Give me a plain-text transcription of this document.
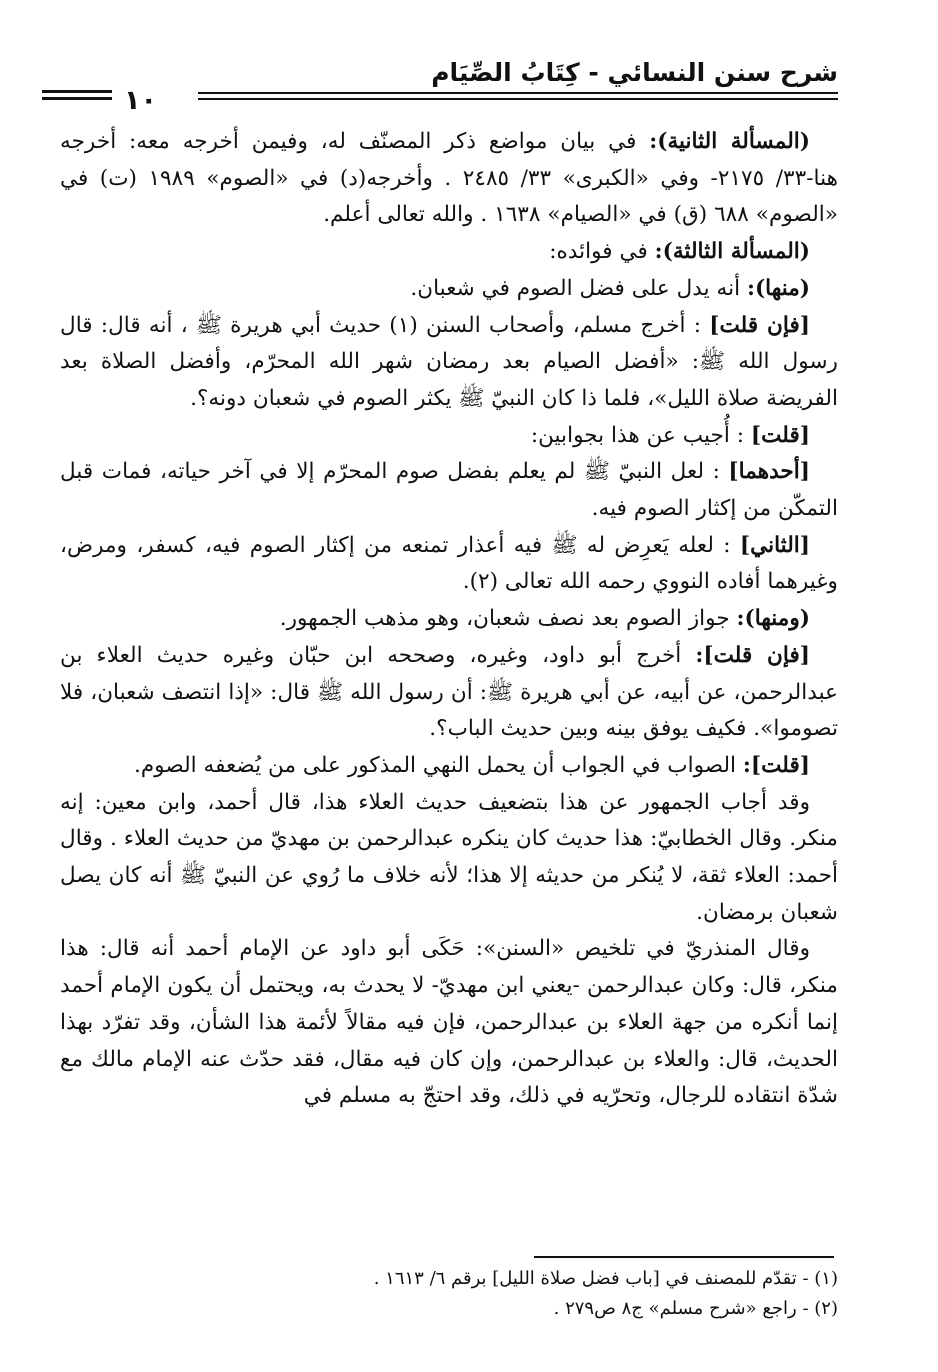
شرح سنن النسائي - كِتَابُ الصِّيَام
١٠

(المسألة الثانية): في بيان مواضع ذكر المصنّف له، وفيمن أخرجه معه: أخرجه هنا-٣٣/ ٢١٧٥- وفي «الكبرى» ٣٣/ ٢٤٨٥ . وأخرجه(د) في «الصوم» ١٩٨٩ (ت) في «الصوم» ٦٨٨ (ق) في «الصيام» ١٦٣٨ . والله تعالى أعلم.

(المسألة الثالثة): في فوائده:

(منها): أنه يدل على فضل الصوم في شعبان.

[فإن قلت] : أخرج مسلم، وأصحاب السنن (١) حديث أبي هريرة ﷺ ، أنه قال: قال رسول الله ﷺ: «أفضل الصيام بعد رمضان شهر الله المحرّم، وأفضل الصلاة بعد الفريضة صلاة الليل»، فلما ذا كان النبيّ ﷺ يكثر الصوم في شعبان دونه؟.

[قلت] : أُجيب عن هذا بجوابين:

[أحدهما] : لعل النبيّ ﷺ لم يعلم بفضل صوم المحرّم إلا في آخر حياته، فمات قبل التمكّن من إكثار الصوم فيه.

[الثاني] : لعله يَعرِض له ﷺ فيه أعذار تمنعه من إكثار الصوم فيه، كسفر، ومرض، وغيرهما أفاده النووي رحمه الله تعالى (٢).

(ومنها): جواز الصوم بعد نصف شعبان، وهو مذهب الجمهور.

[فإن قلت]: أخرج أبو داود، وغيره، وصححه ابن حبّان وغيره حديث العلاء بن عبدالرحمن، عن أبيه، عن أبي هريرة ﷺ: أن رسول الله ﷺ قال: «إذا انتصف شعبان، فلا تصوموا». فكيف يوفق بينه وبين حديث الباب؟.

[قلت]: الصواب في الجواب أن يحمل النهي المذكور على من يُضعفه الصوم.

وقد أجاب الجمهور عن هذا بتضعيف حديث العلاء هذا، قال أحمد، وابن معين: إنه منكر. وقال الخطابيّ: هذا حديث كان ينكره عبدالرحمن بن مهديّ من حديث العلاء . وقال أحمد: العلاء ثقة، لا يُنكر من حديثه إلا هذا؛ لأنه خلاف ما رُوي عن النبيّ ﷺ أنه كان يصل شعبان برمضان.

وقال المنذريّ في تلخيص «السنن»: حَكَى أبو داود عن الإمام أحمد أنه قال: هذا منكر، قال: وكان عبدالرحمن -يعني ابن مهديّ- لا يحدث به، ويحتمل أن يكون الإمام أحمد إنما أنكره من جهة العلاء بن عبدالرحمن، فإن فيه مقالاً لأئمة هذا الشأن، وقد تفرّد بهذا الحديث، قال: والعلاء بن عبدالرحمن، وإن كان فيه مقال، فقد حدّث عنه الإمام مالك مع شدّة انتقاده للرجال، وتحرّيه في ذلك، وقد احتجّ به مسلم في

(١) - تقدّم للمصنف في [باب فضل صلاة الليل] برقم ٦/ ١٦١٣ .

(٢) - راجع «شرح مسلم» ج٨ ص٢٧٩ .
